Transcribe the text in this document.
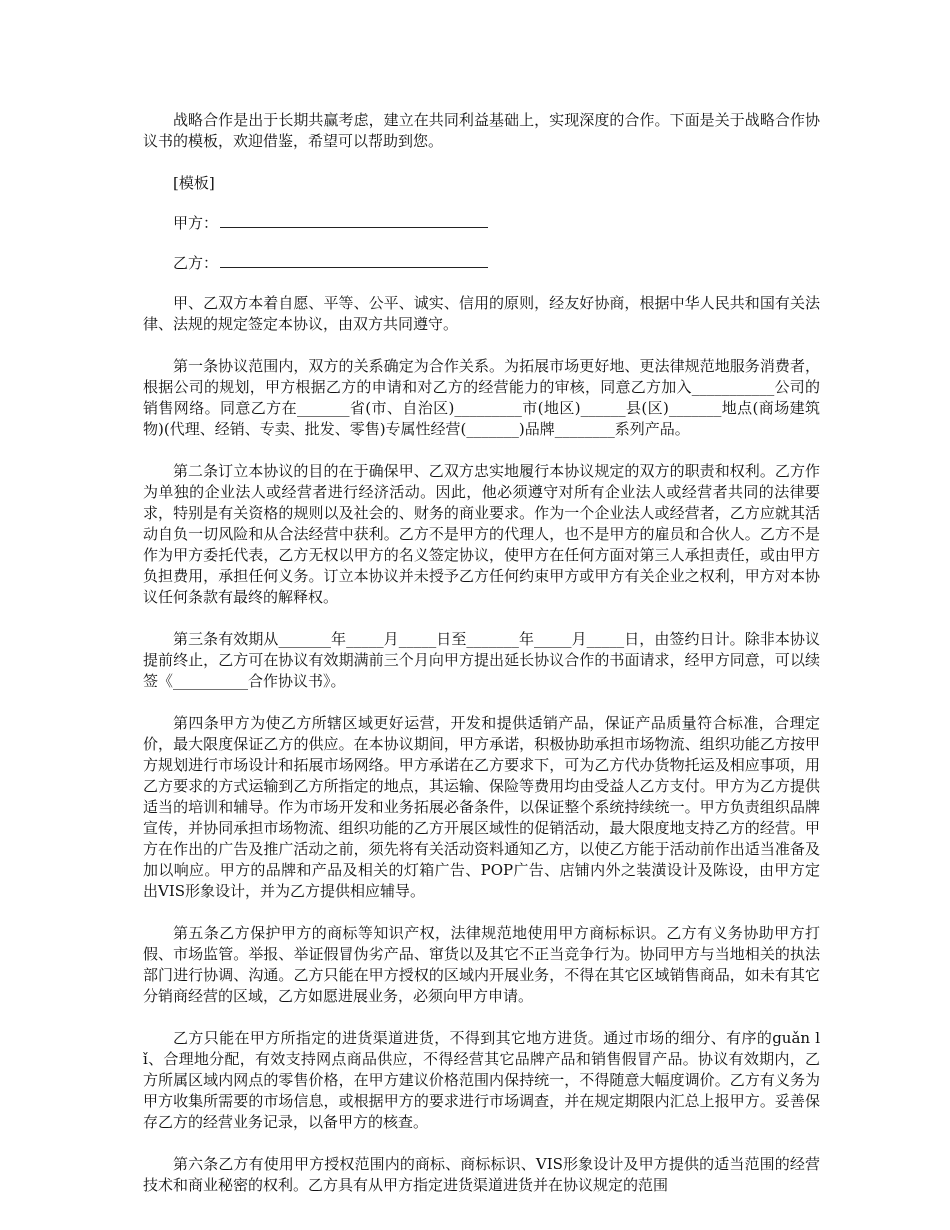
战略合作是出于长期共赢考虑，建立在共同利益基础上，实现深度的合作。下面是关于战略合作协议书的模板，欢迎借鉴，希望可以帮助到您。

[模板]

甲方：

乙方：

甲、乙双方本着自愿、平等、公平、诚实、信用的原则，经友好协商，根据中华人民共和国有关法律、法规的规定签定本协议，由双方共同遵守。

第一条协议范围内，双方的关系确定为合作关系。为拓展市场更好地、更法律规范地服务消费者，根据公司的规划，甲方根据乙方的申请和对乙方的经营能力的审核，同意乙方加入___________公司的销售网络。同意乙方在_______省(市、自治区)_________市(地区)______县(区)_______地点(商场建筑物)(代理、经销、专卖、批发、零售)专属性经营(_______)品牌________系列产品。

第二条订立本协议的目的在于确保甲、乙双方忠实地履行本协议规定的双方的职责和权利。乙方作为单独的企业法人或经营者进行经济活动。因此，他必须遵守对所有企业法人或经营者共同的法律要求，特别是有关资格的规则以及社会的、财务的商业要求。作为一个企业法人或经营者，乙方应就其活动自负一切风险和从合法经营中获利。乙方不是甲方的代理人，也不是甲方的雇员和合伙人。乙方不是作为甲方委托代表，乙方无权以甲方的名义签定协议，使甲方在任何方面对第三人承担责任，或由甲方负担费用，承担任何义务。订立本协议并未授予乙方任何约束甲方或甲方有关企业之权利，甲方对本协议任何条款有最终的解释权。

第三条有效期从_______年_____月_____日至_______年_____月_____日，由签约日计。除非本协议提前终止，乙方可在协议有效期满前三个月向甲方提出延长协议合作的书面请求，经甲方同意，可以续签《__________合作协议书》。

第四条甲方为使乙方所辖区域更好运营，开发和提供适销产品，保证产品质量符合标准，合理定价，最大限度保证乙方的供应。在本协议期间，甲方承诺，积极协助承担市场物流、组织功能乙方按甲方规划进行市场设计和拓展市场网络。甲方承诺在乙方要求下，可为乙方代办货物托运及相应事项，用乙方要求的方式运输到乙方所指定的地点，其运输、保险等费用均由受益人乙方支付。甲方为乙方提供适当的培训和辅导。作为市场开发和业务拓展必备条件，以保证整个系统持续统一。甲方负责组织品牌宣传，并协同承担市场物流、组织功能的乙方开展区域性的促销活动，最大限度地支持乙方的经营。甲方在作出的广告及推广活动之前，须先将有关活动资料通知乙方，以使乙方能于活动前作出适当准备及加以响应。甲方的品牌和产品及相关的灯箱广告、POP广告、店铺内外之装潢设计及陈设，由甲方定出VIS形象设计，并为乙方提供相应辅导。

第五条乙方保护甲方的商标等知识产权，法律规范地使用甲方商标标识。乙方有义务协助甲方打假、市场监管。举报、举证假冒伪劣产品、窜货以及其它不正当竞争行为。协同甲方与当地相关的执法部门进行协调、沟通。乙方只能在甲方授权的区域内开展业务，不得在其它区域销售商品，如未有其它分销商经营的区域，乙方如愿进展业务，必须向甲方申请。

乙方只能在甲方所指定的进货渠道进货，不得到其它地方进货。通过市场的细分、有序的guǎn lǐ、合理地分配，有效支持网点商品供应，不得经营其它品牌产品和销售假冒产品。协议有效期内，乙方所属区域内网点的零售价格，在甲方建议价格范围内保持统一，不得随意大幅度调价。乙方有义务为甲方收集所需要的市场信息，或根据甲方的要求进行市场调查，并在规定期限内汇总上报甲方。妥善保存乙方的经营业务记录，以备甲方的核查。

第六条乙方有使用甲方授权范围内的商标、商标标识、VIS形象设计及甲方提供的适当范围的经营技术和商业秘密的权利。乙方具有从甲方指定进货渠道进货并在协议规定的范围
